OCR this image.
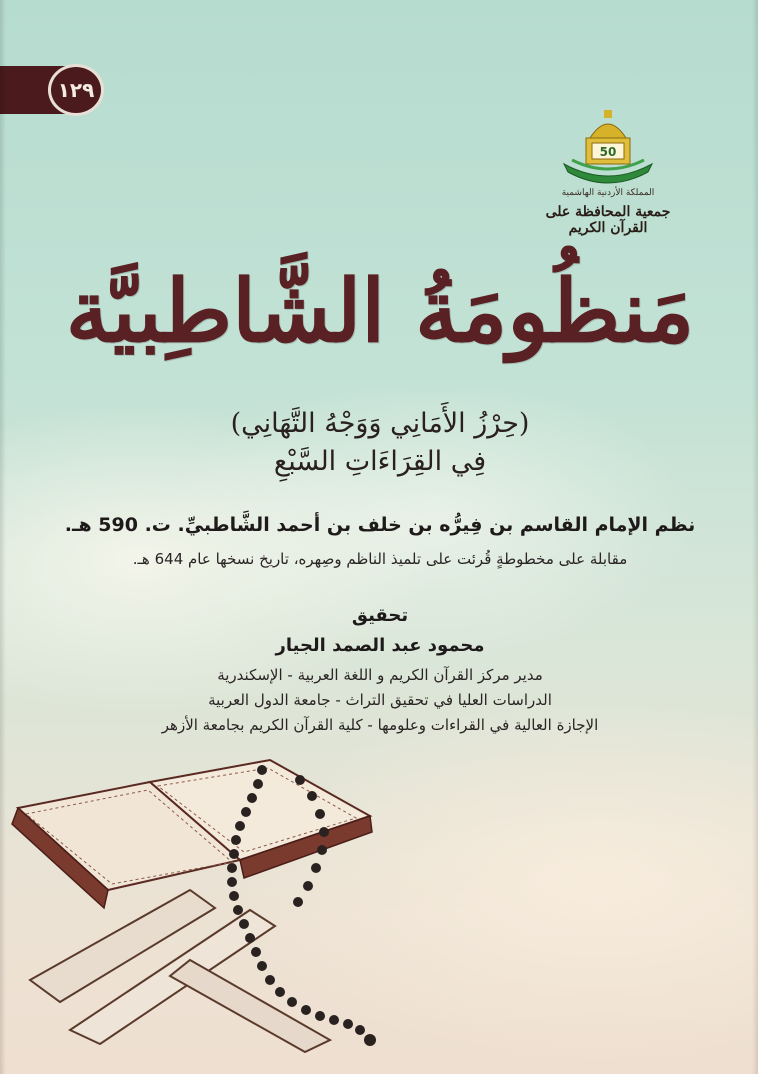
١٢٩
50
المملكة الأردنية الهاشمية
جمعية المحافظة على القرآن الكريم
مَنظُومَةُ الشَّاطِبيَّة
(حِرْزُ الأَمَانِي وَوَجْهُ التَّهَانِي)
فِي القِرَاءَاتِ السَّبْعِ
نظم الإمام القاسم بن فِيرُّه بن خلف بن أحمد الشَّاطبيِّ. ت. 590 هـ.
مقابلة على مخطوطةٍ قُرئت على تلميذ الناظم وصِهره، تاريخ نسخها عام 644 هـ.
تحقيق
محمود عبد الصمد الجيار
مدير مركز القرآن الكريم و اللغة العربية - الإسكندرية
الدراسات العليا في تحقيق التراث - جامعة الدول العربية
الإجازة العالية في القراءات وعلومها - كلية القرآن الكريم بجامعة الأزهر
